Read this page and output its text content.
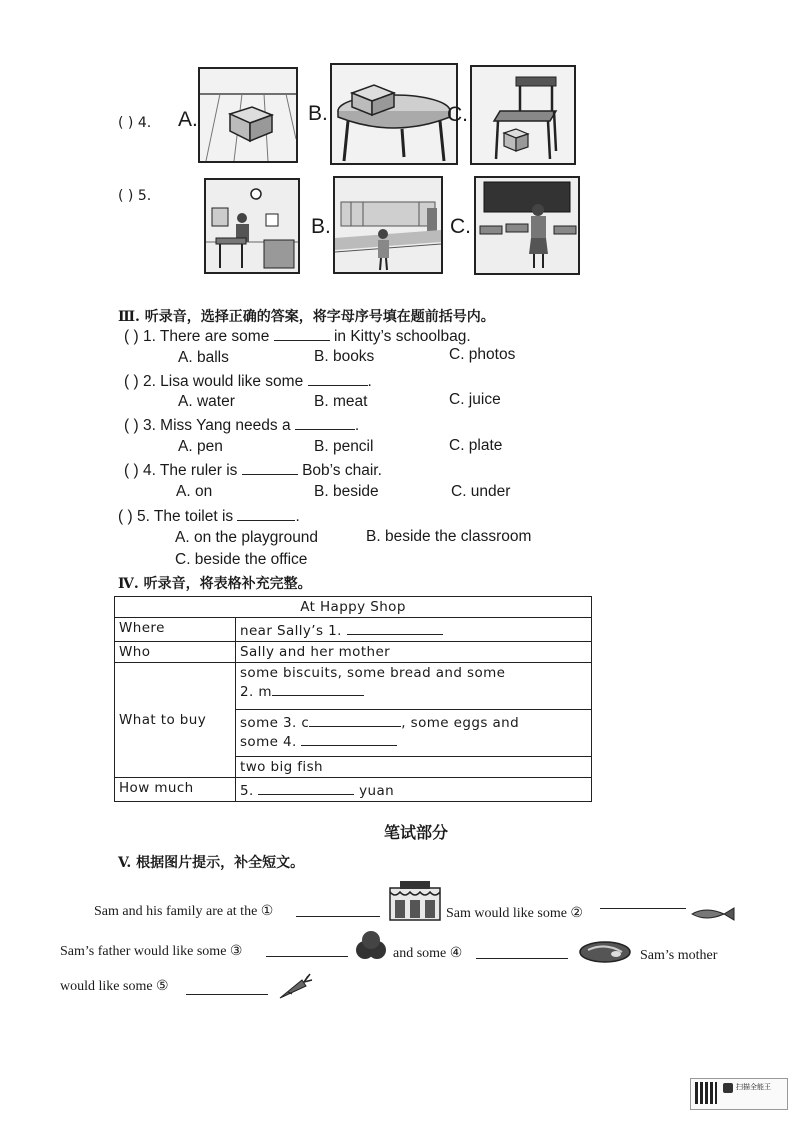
( ) 4. A.	B.	C.
( ) 5.
B.	C.
Ⅲ. 听录音，选择正确的答案，将字母序号填在题前括号内。
( ) 1. There are some	in Kitty’s schoolbag.
A. balls	B. books	C. photos
( ) 2. Lisa would like some	.
A. water	B. meat	C. juice
( ) 3. Miss Yang needs a	.
A. pen	B. pencil	C. plate
( ) 4. The ruler is	Bob’s chair.
A. on	B. beside	C. under
( ) 5. The toilet is	.
A. on the playground	B. beside the classroom
C. beside the office
Ⅳ. 听录音，将表格补充完整。
At Happy Shop	
Where	near Sally’s 1.
Who	Sally and her mother
What to buy	some biscuits, some bread and some
2. m

	some 3. c , some eggs and
some 4.

	two big fish
How much	5. yuan
笔试部分
V. 根据图片提示，补全短文。
Sam and his family are at the ①	Sam would like some ②
Sam’s father would like some ③	and some ④	Sam’s mother
would like some ⑤
扫描全能王
